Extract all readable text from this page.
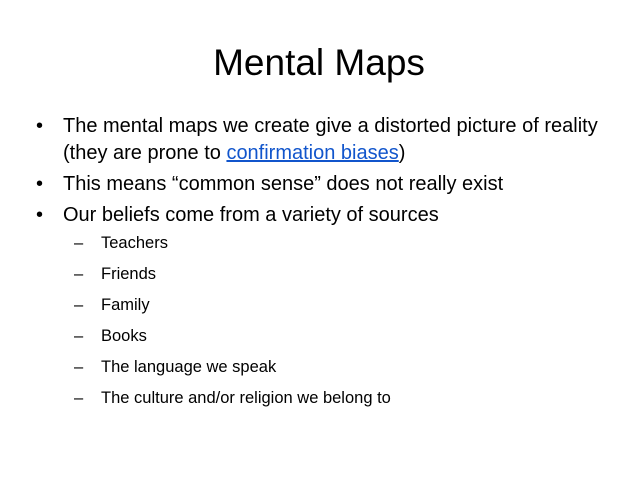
Mental Maps
• The mental maps we create give a distorted picture of reality (they are prone to confirmation biases)
• This means “common sense” does not really exist
• Our beliefs come from a variety of sources
–	Teachers
–	Friends
–	Family
–	Books
–	The language we speak
–	The culture and/or religion we belong to
